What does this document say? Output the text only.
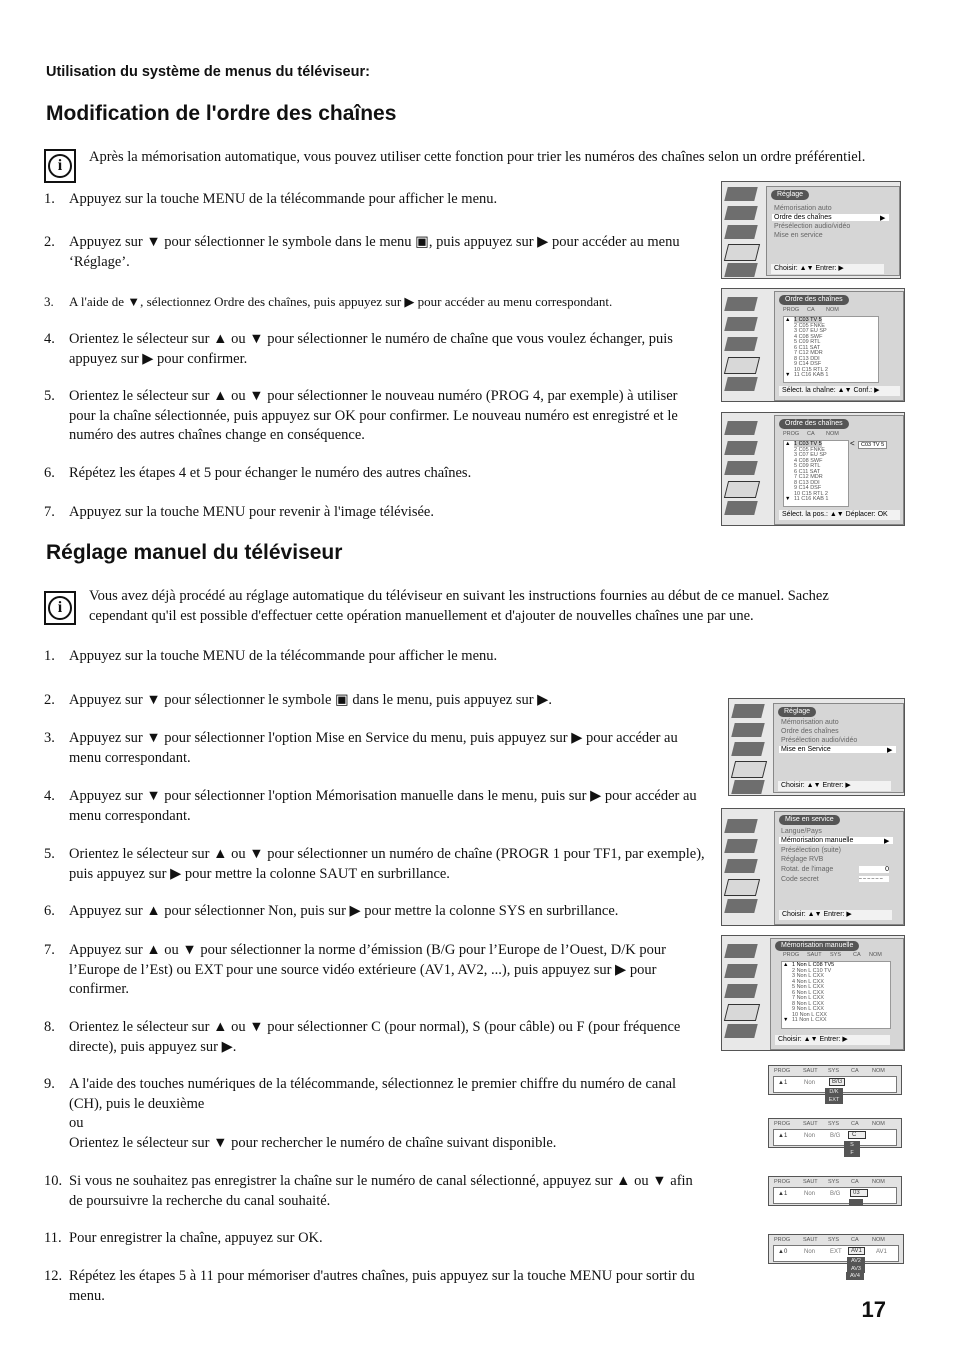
Utilisation du système de menus du téléviseur:
Modification de l'ordre des chaînes
i	Après la mémorisation automatique, vous pouvez utiliser cette fonction pour trier les numéros des chaînes selon un ordre préférentiel.
1. Appuyez sur la touche MENU de la télécommande pour afficher le menu.
2. Appuyez sur ▼ pour sélectionner le symbole dans le menu ▣, puis appuyez sur ▶ pour accéder au menu ‘Réglage’.
3.	A l'aide de ▼, sélectionnez Ordre des chaînes, puis appuyez sur ▶ pour accéder au menu correspondant.
4. Orientez le sélecteur sur ▲ ou ▼ pour sélectionner le numéro de chaîne que vous voulez échanger, puis appuyez sur ▶ pour confirmer.
5. Orientez le sélecteur sur ▲ ou ▼ pour sélectionner le nouveau numéro (PROG 4, par exemple) à utiliser pour la chaîne sélectionnée, puis appuyez sur OK pour confirmer. Le nouveau numéro est enregistré et le numéro des autres chaînes change en conséquence.
6. Répétez les étapes 4 et 5 pour échanger le numéro des autres chaînes.
7. Appuyez sur la touche MENU pour revenir à l'image télévisée.
Réglage manuel du téléviseur
i
Vous avez déjà procédé au réglage automatique du téléviseur en suivant les instructions fournies au début de ce manuel. Sachez cependant qu'il est possible d'effectuer cette opération manuellement et d'ajouter de nouvelles chaînes une par une.
1. Appuyez sur la touche MENU de la télécommande pour afficher le menu.
2. Appuyez sur ▼ pour sélectionner le symbole ▣ dans le menu, puis appuyez sur ▶.
3. Appuyez sur ▼ pour sélectionner l'option Mise en Service du menu, puis appuyez sur ▶ pour accéder au menu correspondant.
4. Appuyez sur ▼ pour sélectionner l'option Mémorisation manuelle dans le menu, puis sur ▶ pour accéder au menu correspondant.
5. Orientez le sélecteur sur ▲ ou ▼ pour sélectionner un numéro de chaîne (PROGR 1 pour TF1, par exemple), puis appuyez sur ▶ pour mettre la colonne SAUT en surbrillance.
6. Appuyez sur ▲ pour sélectionner Non, puis sur ▶ pour mettre la colonne SYS en surbrillance.
7. Appuyez sur ▲ ou ▼ pour sélectionner la norme d’émission (B/G pour l’Europe de l’Ouest, D/K pour l’Europe de l’Est) ou EXT pour une source vidéo extérieure (AV1, AV2, ...), puis appuyez sur ▶ pour confirmer.
8. Orientez le sélecteur sur ▲ ou ▼ pour sélectionner C (pour normal), S (pour câble) ou F (pour fréquence directe), puis appuyez sur ▶.
9. A l'aide des touches numériques de la télécommande, sélectionnez le premier chiffre du numéro de canal (CH), puis le deuxième
ou
Orientez le sélecteur sur ▼ pour rechercher le numéro de chaîne suivant disponible.
10. Si vous ne souhaitez pas enregistrer la chaîne sur le numéro de canal sélectionné, appuyez sur ▲ ou ▼ afin de poursuivre la recherche du canal souhaité.
11. Pour enregistrer la chaîne, appuyez sur OK.
12. Répétez les étapes 5 à 11 pour mémoriser d'autres chaînes, puis appuyez sur la touche MENU pour sortir du menu.
17
Réglage
Mémorisation auto
Ordre des chaînes	▶
Présélection audio/vidéo
Mise en service
Choisir: ▲▼ Entrer: ▶
Ordre des chaînes
PROG CA NOM
1 C03 TV 5
2 C05 FNKE
3 C07 EU SP
4 C08 SWF
5 C09 RTL
6 C11 SAT
7 C12 MDR
8 C13 DDI
9 C14 DSF
10 C15 RTL 2
11 C16 KAB 1
▲
▼
Sélect. la chaîne: ▲▼ Conf.: ▶
Ordre des chaînes
PROG CA NOM
1 C03 TV 5
2 C05 FNKE
3 C07 EU SP
4 C08 SWF
5 C09 RTL
6 C11 SAT
7 C12 MDR
8 C13 DDI
9 C14 DSF
10 C15 RTL 2
11 C16 KAB 1
▲
▼
<	C03 TV 5
Sélect. la pos.: ▲▼ Déplacer: OK
Réglage
Mémorisation auto
Ordre des chaînes
Présélection audio/vidéo
Mise en Service	▶
Choisir: ▲▼ Entrer: ▶
Mise en service
Langue/Pays
Mémorisation manuelle	▶
Présélection (suite)
Réglage RVB
Rotat. de l'image	0
Code secret	– – – – – –
Choisir: ▲▼ Entrer: ▶
Mémorisation manuelle
PROG SAUT SYS CA NOM
1 Non L C08 TV5
2 Non L C10 TV
3 Non L CXX
4 Non L CXX
5 Non L CXX
6 Non L CXX
7 Non L CXX
8 Non L CXX
9 Non L CXX
10 Non L CXX
11 Non L CXX
▲
▼
Choisir: ▲▼ Entrer: ▶
PROG SAUT SYS CA NOM
▲1	Non	B/G
D/K
EXT
PROG SAUT SYS CA NOM
▲1	Non B/G	C
S
F
PROG SAUT SYS CA NOM
▲1	Non B/G	03
PROG SAUT SYS CA NOM
▲0	Non EXT	AV1	AV1
AV2
AV3
AV4
